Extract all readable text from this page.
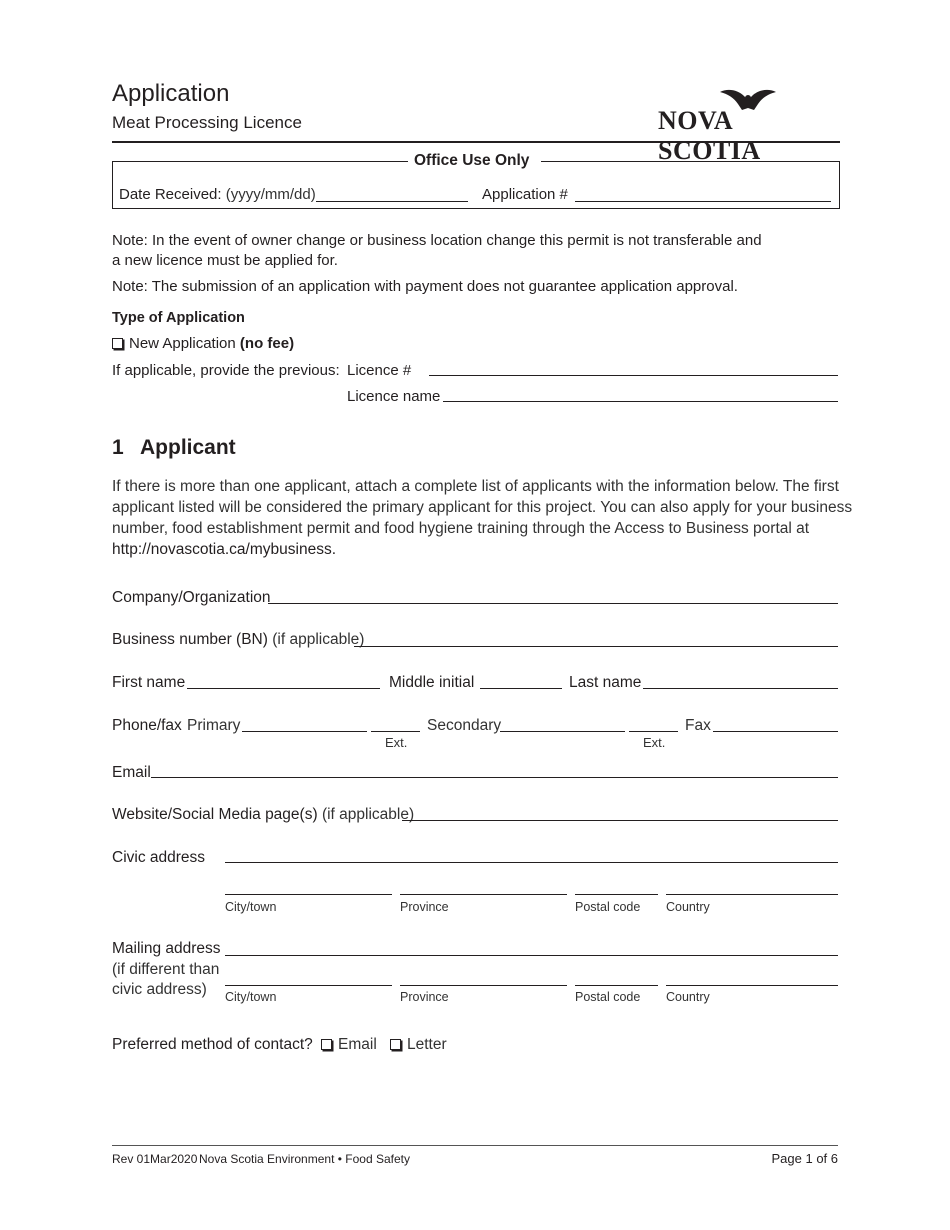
Application
Meat Processing Licence	NOVA SCOTIA
Office Use Only
Date Received: (yyyy/mm/dd)	Application #
Note: In the event of owner change or business location change this permit is not transferable and
a new licence must be applied for.
Note: The submission of an application with payment does not guarantee application approval.
Type of Application
New Application (no fee)
If applicable, provide the previous: Licence #
Licence name
1 Applicant
If there is more than one applicant, attach a complete list of applicants with the information below. The first
applicant listed will be considered the primary applicant for this project. You can also apply for your business
number, food establishment permit and food hygiene training through the Access to Business portal at
http://novascotia.ca/mybusiness.
Company/Organization
Business number (BN) (if applicable)
First name	Middle initial	Last name
Phone/fax Primary
Ext.
Secondary
Ext.
Fax
Email
Website/Social Media page(s) (if applicable)
Civic address
City/town	Province	Postal code Country
Mailing address
(if different than
civic address) City/town	Province	Postal code Country
Preferred method of contact?	Email	Letter
Rev 01Mar2020 Nova Scotia Environment • Food Safety	Page 1 of 6
